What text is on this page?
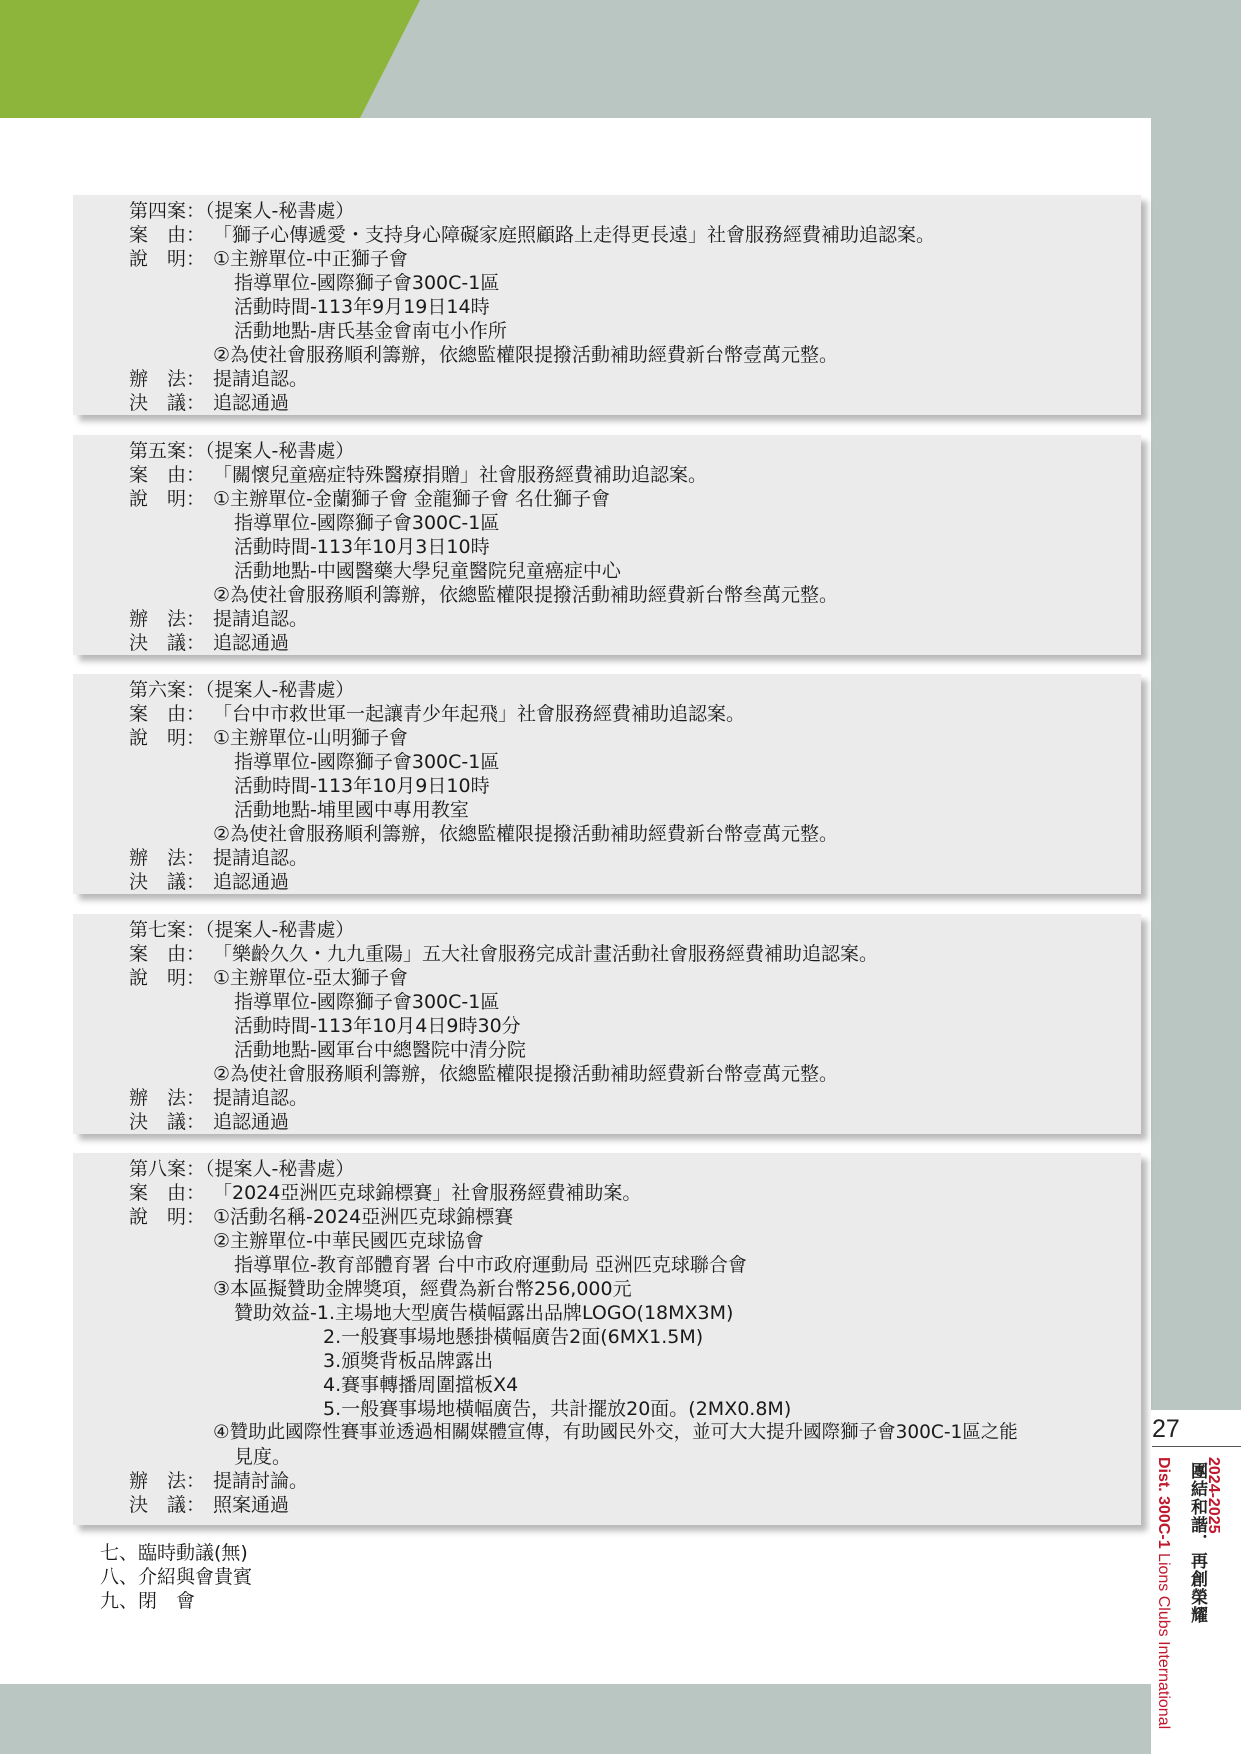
第四案：（提案人-秘書處）
案　由： 「獅子心傳遞愛・支持身心障礙家庭照顧路上走得更長遠」社會服務經費補助追認案。
說　明： ①主辦單位-中正獅子會
指導單位-國際獅子會300C-1區
活動時間-113年9月19日14時
活動地點-唐氏基金會南屯小作所
②為使社會服務順利籌辦，依總監權限提撥活動補助經費新台幣壹萬元整。
辦　法： 提請追認。
決　議： 追認通過
第五案：（提案人-秘書處）
案　由： 「關懷兒童癌症特殊醫療捐贈」社會服務經費補助追認案。
說　明： ①主辦單位-金蘭獅子會 金龍獅子會 名仕獅子會
指導單位-國際獅子會300C-1區
活動時間-113年10月3日10時
活動地點-中國醫藥大學兒童醫院兒童癌症中心
②為使社會服務順利籌辦，依總監權限提撥活動補助經費新台幣叁萬元整。
辦　法： 提請追認。
決　議： 追認通過
第六案：（提案人-秘書處）
案　由： 「台中市救世軍一起讓青少年起飛」社會服務經費補助追認案。
說　明： ①主辦單位-山明獅子會
指導單位-國際獅子會300C-1區
活動時間-113年10月9日10時
活動地點-埔里國中專用教室
②為使社會服務順利籌辦，依總監權限提撥活動補助經費新台幣壹萬元整。
辦　法： 提請追認。
決　議： 追認通過
第七案：（提案人-秘書處）
案　由： 「樂齡久久・九九重陽」五大社會服務完成計畫活動社會服務經費補助追認案。
說　明： ①主辦單位-亞太獅子會
指導單位-國際獅子會300C-1區
活動時間-113年10月4日9時30分
活動地點-國軍台中總醫院中清分院
②為使社會服務順利籌辦，依總監權限提撥活動補助經費新台幣壹萬元整。
辦　法： 提請追認。
決　議： 追認通過
第八案：（提案人-秘書處）
案　由： 「2024亞洲匹克球錦標賽」社會服務經費補助案。
說　明： ①活動名稱-2024亞洲匹克球錦標賽
②主辦單位-中華民國匹克球協會
指導單位-教育部體育署 台中市政府運動局 亞洲匹克球聯合會
③本區擬贊助金牌獎項，經費為新台幣256,000元
贊助效益-1.主場地大型廣告橫幅露出品牌LOGO(18MX3M)
2.一般賽事場地懸掛橫幅廣告2面(6MX1.5M)
3.頒獎背板品牌露出
4.賽事轉播周圍擋板X4
5.一般賽事場地橫幅廣告，共計擺放20面。(2MX0.8M)
④贊助此國際性賽事並透過相關媒體宣傳，有助國民外交，並可大大提升國際獅子會300C-1區之能
見度。
辦　法： 提請討論。
決　議： 照案通過
七、臨時動議(無)
八、介紹與會貴賓
九、閉　會
27
2024-2025
團結和諧．再創榮耀
Dist. 300C-1 Lions Clubs International
